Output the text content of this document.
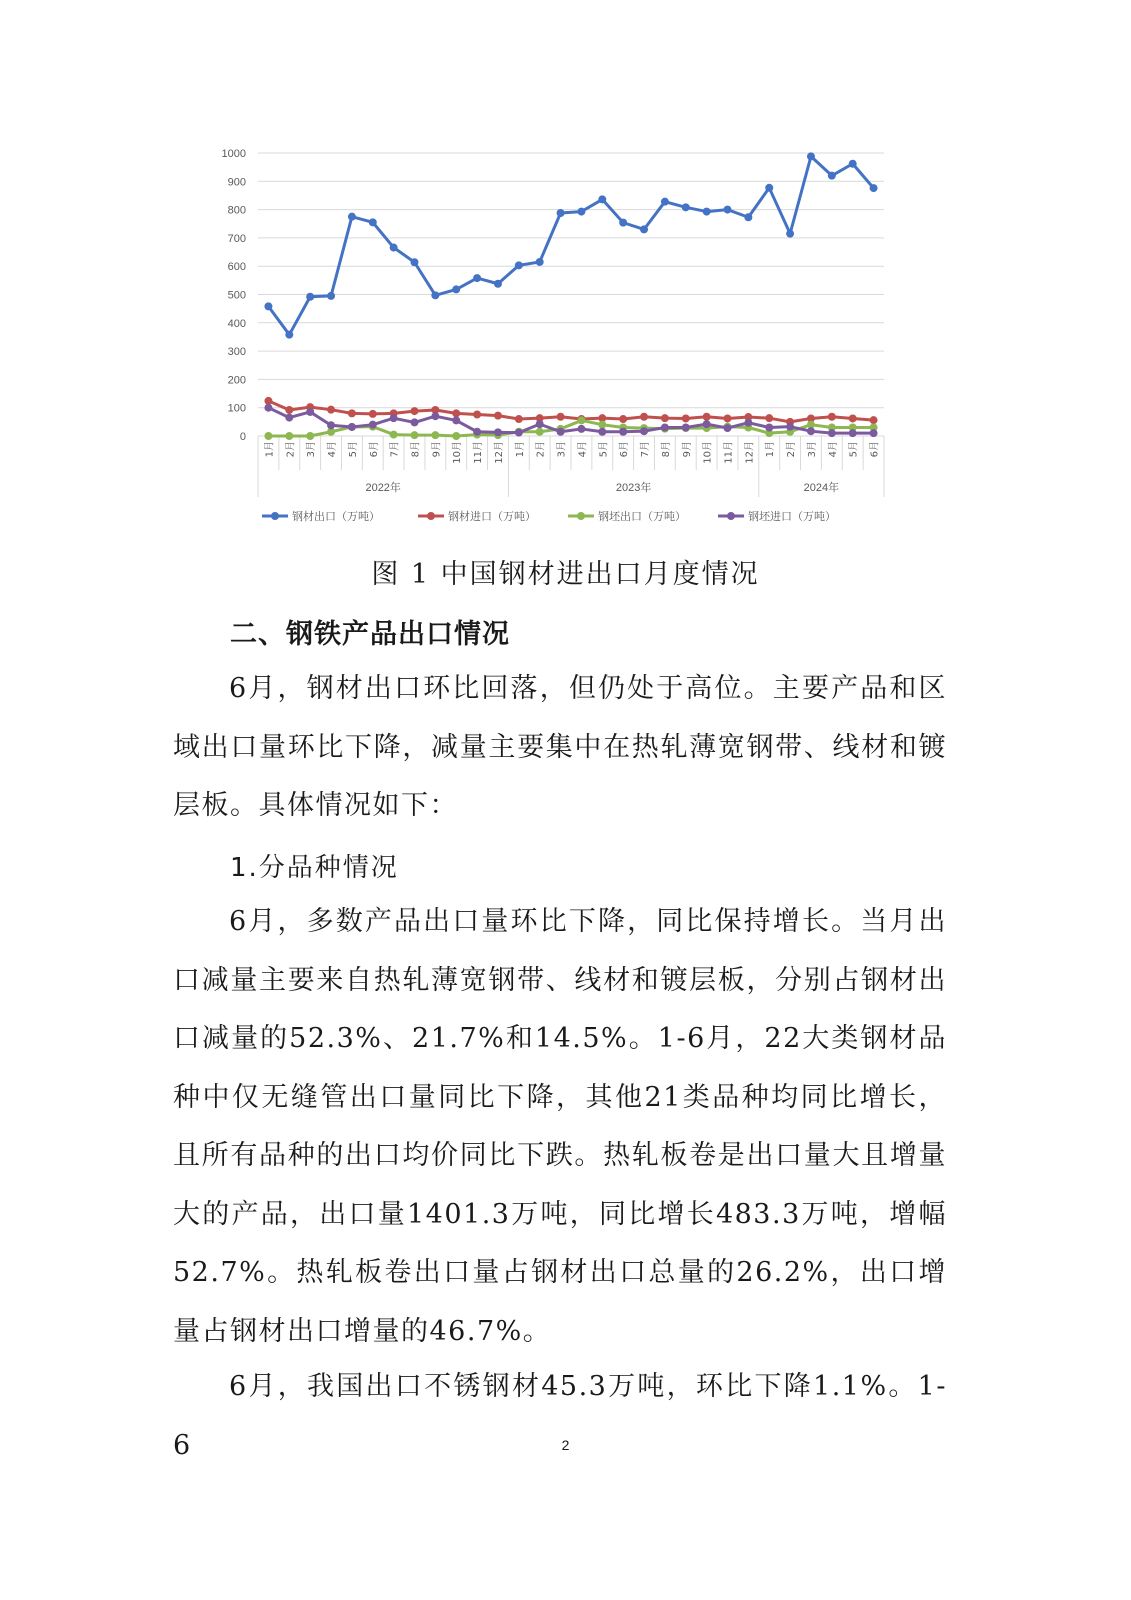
0
100
200
300
400
500
600
700
800
900
1000
1月 2月 3月 4月 5月 6月 7月 8月 9月 10月 11月 12月 1月 2月 3月 4月 5月 6月 7月 8月 9月 10月 11月 12月 1月 2月 3月 4月 5月 6月
2022年	2023年	2024年
钢材出口（万吨）	钢材进口（万吨）	钢坯出口（万吨）	钢坯进口（万吨）
图 1 中国钢材进出口月度情况
二、钢铁产品出口情况

6月，钢材出口环比回落，但仍处于高位。主要产品和区域出口量环比下降，减量主要集中在热轧薄宽钢带、线材和镀层板。具体情况如下：

1.分品种情况

6月，多数产品出口量环比下降，同比保持增长。当月出口减量主要来自热轧薄宽钢带、线材和镀层板，分别占钢材出口减量的52.3%、21.7%和14.5%。1-6月，22大类钢材品种中仅无缝管出口量同比下降，其他21类品种均同比增长，且所有品种的出口均价同比下跌。热轧板卷是出口量大且增量大的产品，出口量1401.3万吨，同比增长483.3万吨，增幅52.7%。热轧板卷出口量占钢材出口总量的26.2%，出口增量占钢材出口增量的46.7%。

6月，我国出口不锈钢材45.3万吨，环比下降1.1%。1-6	2
